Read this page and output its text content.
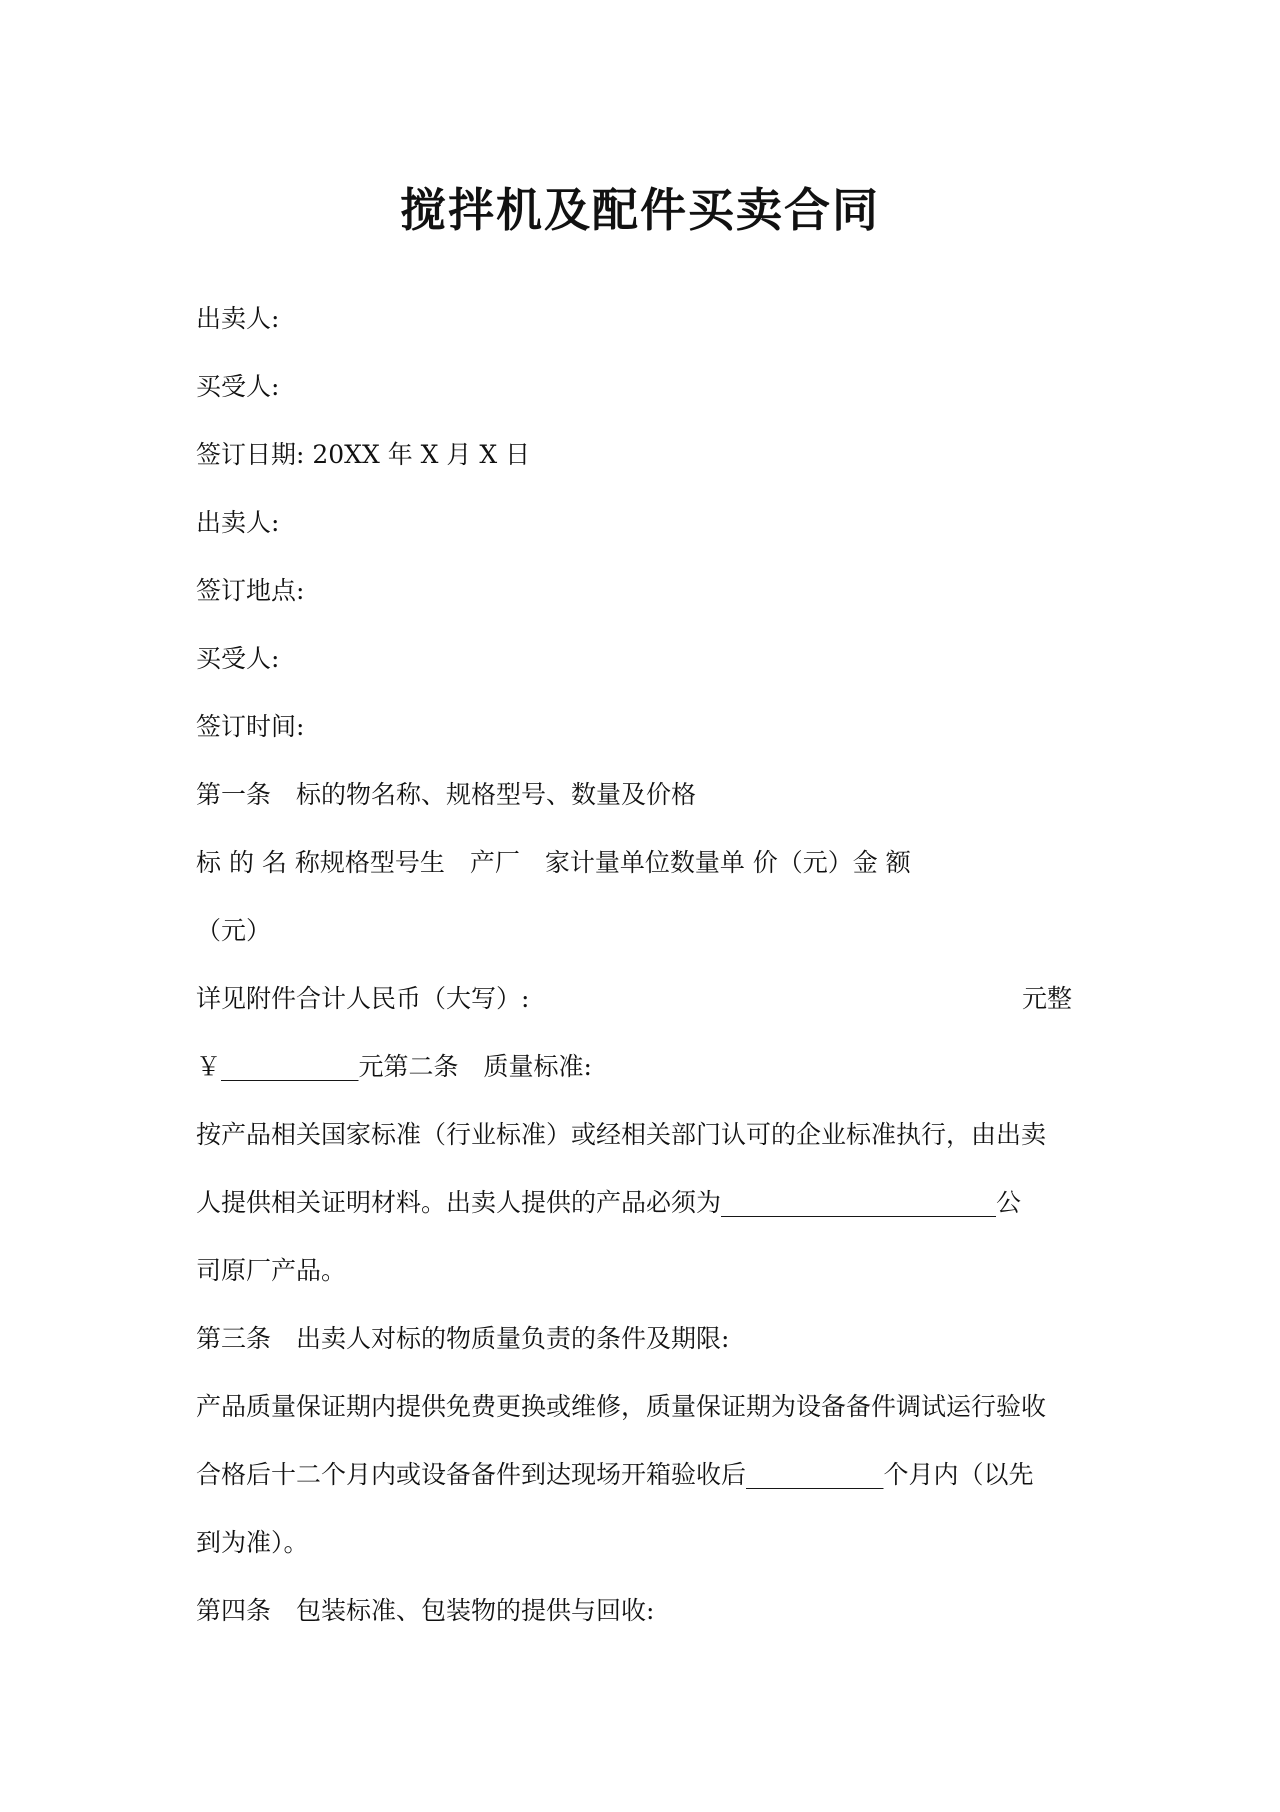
搅拌机及配件买卖合同
出卖人:
买受人:
签订日期: 20XX 年 X 月 X 日
出卖人:
签订地点:
买受人:
签订时间:
第一条　标的物名称、规格型号、数量及价格
标 的 名 称规格型号生　产厂　家计量单位数量单 价（元）金 额
（元）
详见附件合计人民币（大写）:	元整
￥___________元第二条　质量标准:
按产品相关国家标准（行业标准）或经相关部门认可的企业标准执行，由出卖
人提供相关证明材料。出卖人提供的产品必须为______________________公
司原厂产品。
第三条　出卖人对标的物质量负责的条件及期限:
产品质量保证期内提供免费更换或维修，质量保证期为设备备件调试运行验收
合格后十二个月内或设备备件到达现场开箱验收后___________个月内（以先
到为准）。
第四条　包装标准、包装物的提供与回收:
